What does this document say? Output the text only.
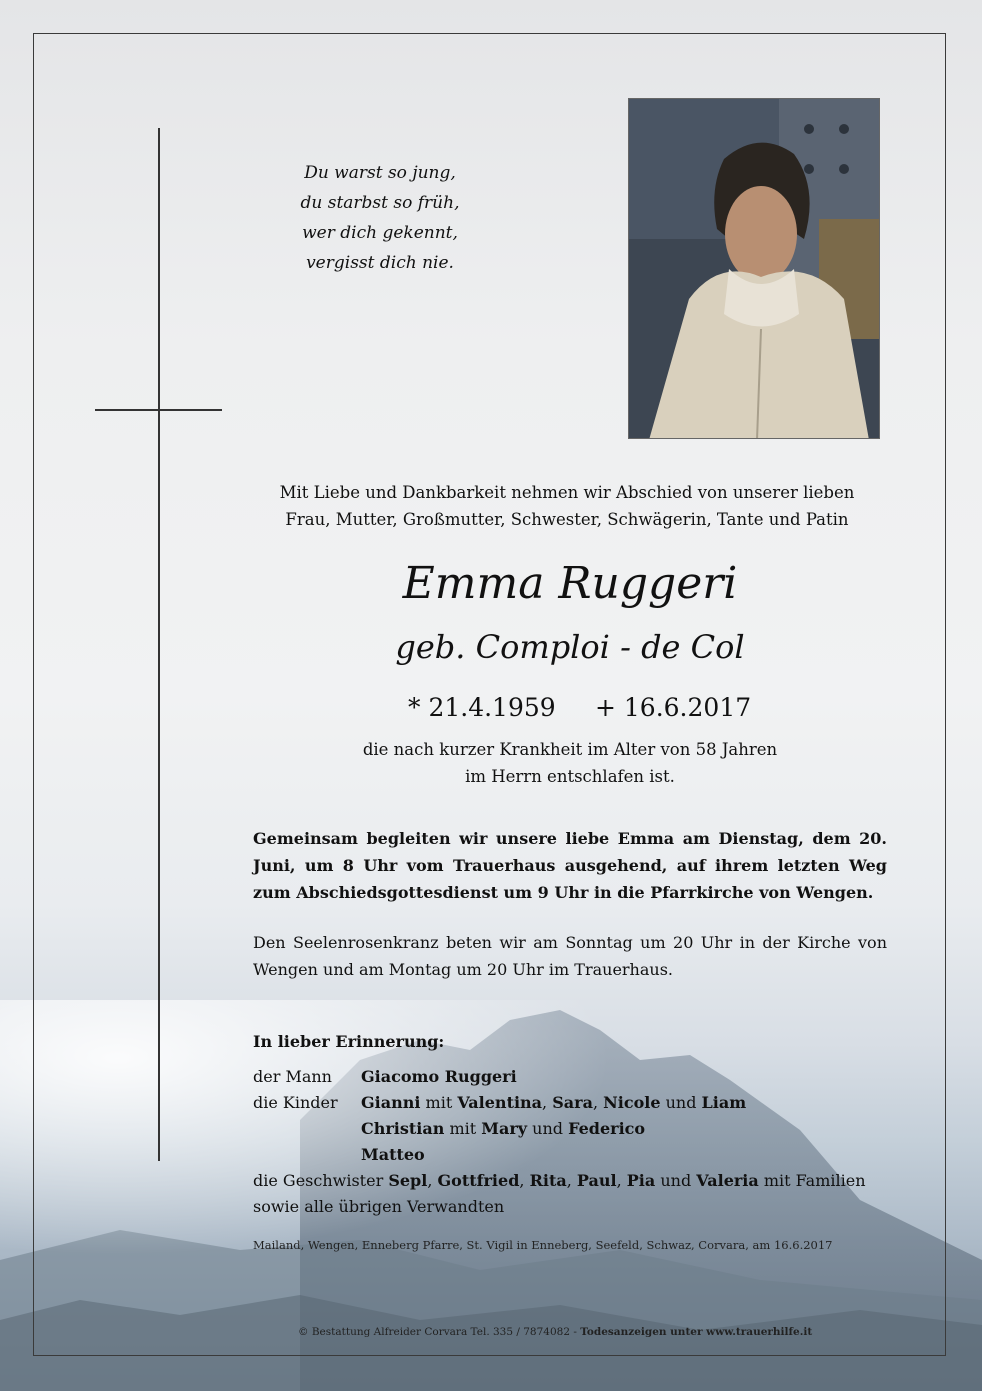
Du warst so jung,
du starbst so früh,
wer dich gekennt,
vergisst dich nie.
Mit Liebe und Dankbarkeit nehmen wir Abschied von unserer lieben
Frau, Mutter, Großmutter, Schwester, Schwägerin, Tante und Patin
Emma Ruggeri
geb. Comploi - de Col
* 21.4.1959 + 16.6.2017
die nach kurzer Krankheit im Alter von 58 Jahren
im Herrn entschlafen ist.
Gemeinsam begleiten wir unsere liebe Emma am Dienstag, dem 20. Juni, um 8 Uhr vom Trauerhaus ausgehend, auf ihrem letzten Weg zum Abschiedsgottesdienst um 9 Uhr in die Pfarrkirche von Wengen.
Den Seelenrosenkranz beten wir am Sonntag um 20 Uhr in der Kirche von Wengen und am Montag um 20 Uhr im Trauerhaus.
In lieber Erinnerung:
der Mann Giacomo Ruggeri
die Kinder Gianni mit Valentina, Sara, Nicole und Liam
Christian mit Mary und Federico
Matteo
die Geschwister Sepl, Gottfried, Rita, Paul, Pia und Valeria mit Familien
sowie alle übrigen Verwandten
Mailand, Wengen, Enneberg Pfarre, St. Vigil in Enneberg, Seefeld, Schwaz, Corvara, am 16.6.2017
© Bestattung Alfreider Corvara Tel. 335 / 7874082 - Todesanzeigen unter www.trauerhilfe.it
